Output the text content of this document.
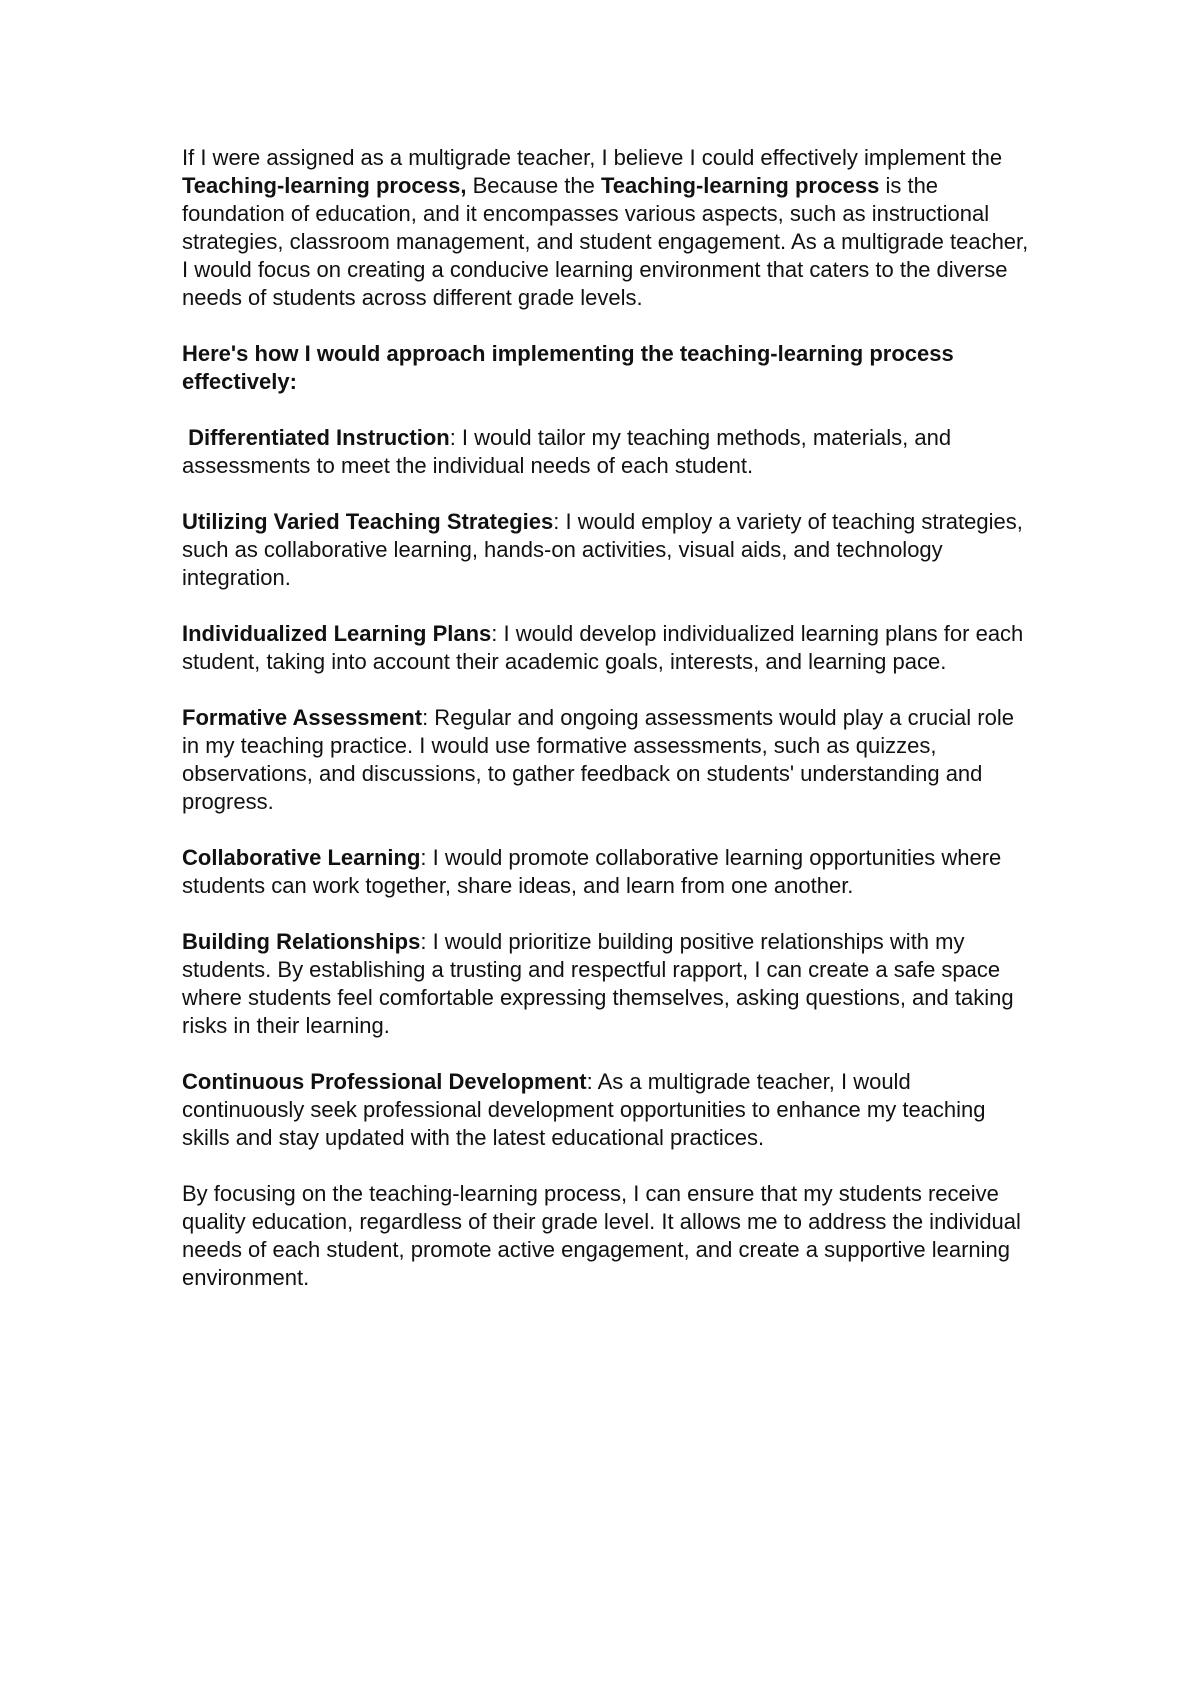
If I were assigned as a multigrade teacher, I believe I could effectively implement the Teaching-learning process, Because the Teaching-learning process is the foundation of education, and it encompasses various aspects, such as instructional strategies, classroom management, and student engagement. As a multigrade teacher, I would focus on creating a conducive learning environment that caters to the diverse needs of students across different grade levels.

Here's how I would approach implementing the teaching-learning process effectively:

Differentiated Instruction: I would tailor my teaching methods, materials, and assessments to meet the individual needs of each student.

Utilizing Varied Teaching Strategies: I would employ a variety of teaching strategies, such as collaborative learning, hands-on activities, visual aids, and technology integration.

Individualized Learning Plans: I would develop individualized learning plans for each student, taking into account their academic goals, interests, and learning pace.

Formative Assessment: Regular and ongoing assessments would play a crucial role in my teaching practice. I would use formative assessments, such as quizzes, observations, and discussions, to gather feedback on students' understanding and progress.

Collaborative Learning: I would promote collaborative learning opportunities where students can work together, share ideas, and learn from one another.

Building Relationships: I would prioritize building positive relationships with my students. By establishing a trusting and respectful rapport, I can create a safe space where students feel comfortable expressing themselves, asking questions, and taking risks in their learning.

Continuous Professional Development: As a multigrade teacher, I would continuously seek professional development opportunities to enhance my teaching skills and stay updated with the latest educational practices.

By focusing on the teaching-learning process, I can ensure that my students receive quality education, regardless of their grade level. It allows me to address the individual needs of each student, promote active engagement, and create a supportive learning environment.
